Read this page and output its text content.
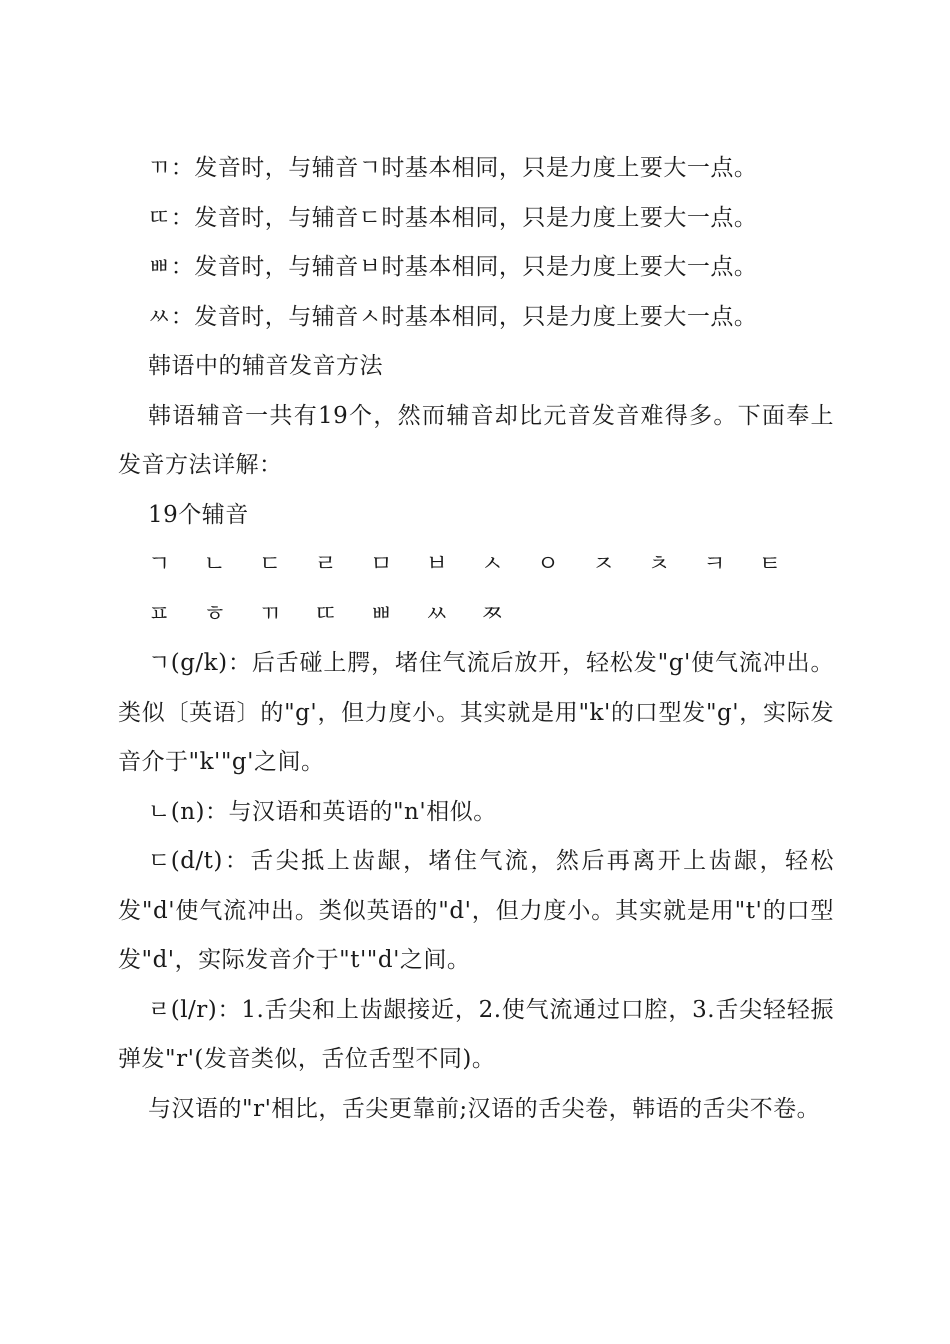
ㄲ：发音时，与辅音ㄱ时基本相同，只是力度上要大一点。

ㄸ：发音时，与辅音ㄷ时基本相同，只是力度上要大一点。

ㅃ：发音时，与辅音ㅂ时基本相同，只是力度上要大一点。

ㅆ：发音时，与辅音ㅅ时基本相同，只是力度上要大一点。

韩语中的辅音发音方法

韩语辅音一共有19个，然而辅音却比元音发音难得多。下面奉上发音方法详解：

19个辅音

ㄱ ㄴ ㄷ ㄹ ㅁ ㅂ ㅅ ㅇ ㅈ ㅊ ㅋ ㅌ ㅍ ㅎ ㄲ ㄸ ㅃ ㅆ ㅉ

ㄱ(g/k)：后舌碰上腭，堵住气流后放开，轻松发"g'使气流冲出。类似〔英语〕的"g'，但力度小。其实就是用"k'的口型发"g'，实际发音介于"k'"g'之间。

ㄴ(n)：与汉语和英语的"n'相似。

ㄷ(d/t)：舌尖抵上齿龈，堵住气流，然后再离开上齿龈，轻松发"d'使气流冲出。类似英语的"d'，但力度小。其实就是用"t'的口型发"d'，实际发音介于"t'"d'之间。

ㄹ(l/r)：1.舌尖和上齿龈接近，2.使气流通过口腔，3.舌尖轻轻振弹发"r'(发音类似，舌位舌型不同)。

与汉语的"r'相比，舌尖更靠前;汉语的舌尖卷，韩语的舌尖不卷。
